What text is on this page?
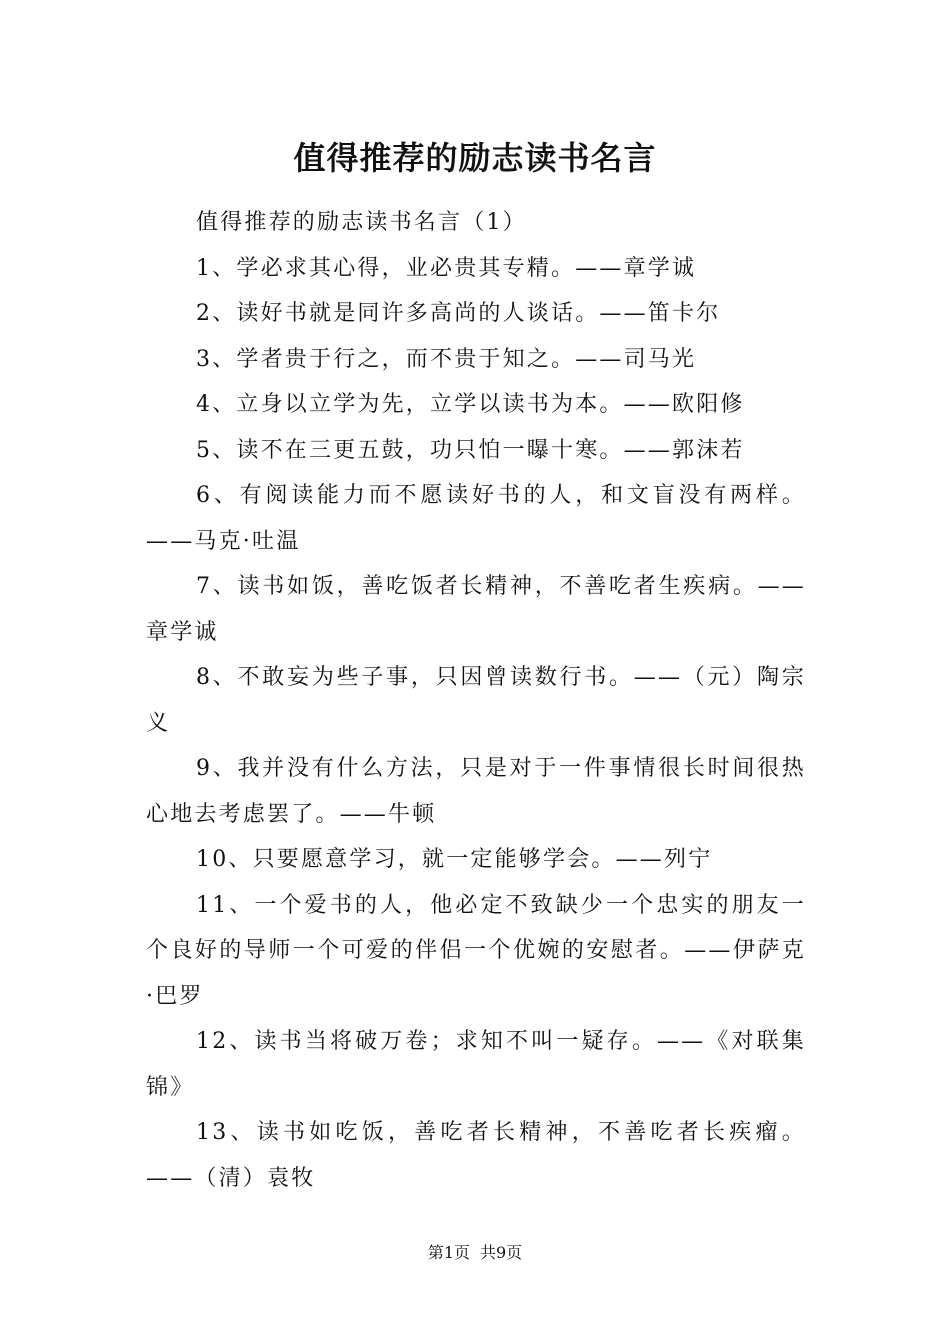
值得推荐的励志读书名言

值得推荐的励志读书名言（1）

1、学必求其心得，业必贵其专精。——章学诚

2、读好书就是同许多高尚的人谈话。——笛卡尔

3、学者贵于行之，而不贵于知之。——司马光

4、立身以立学为先，立学以读书为本。——欧阳修

5、读不在三更五鼓，功只怕一曝十寒。——郭沫若

6、有阅读能力而不愿读好书的人，和文盲没有两样。——马克·吐温

7、读书如饭，善吃饭者长精神，不善吃者生疾病。——章学诚

8、不敢妄为些子事，只因曾读数行书。——（元）陶宗义

9、我并没有什么方法，只是对于一件事情很长时间很热心地去考虑罢了。——牛顿

10、只要愿意学习，就一定能够学会。——列宁

11、一个爱书的人，他必定不致缺少一个忠实的朋友一个良好的导师一个可爱的伴侣一个优婉的安慰者。——伊萨克·巴罗

12、读书当将破万卷；求知不叫一疑存。——《对联集锦》

13、读书如吃饭，善吃者长精神，不善吃者长疾瘤。——（清）袁牧

第1页 共9页
